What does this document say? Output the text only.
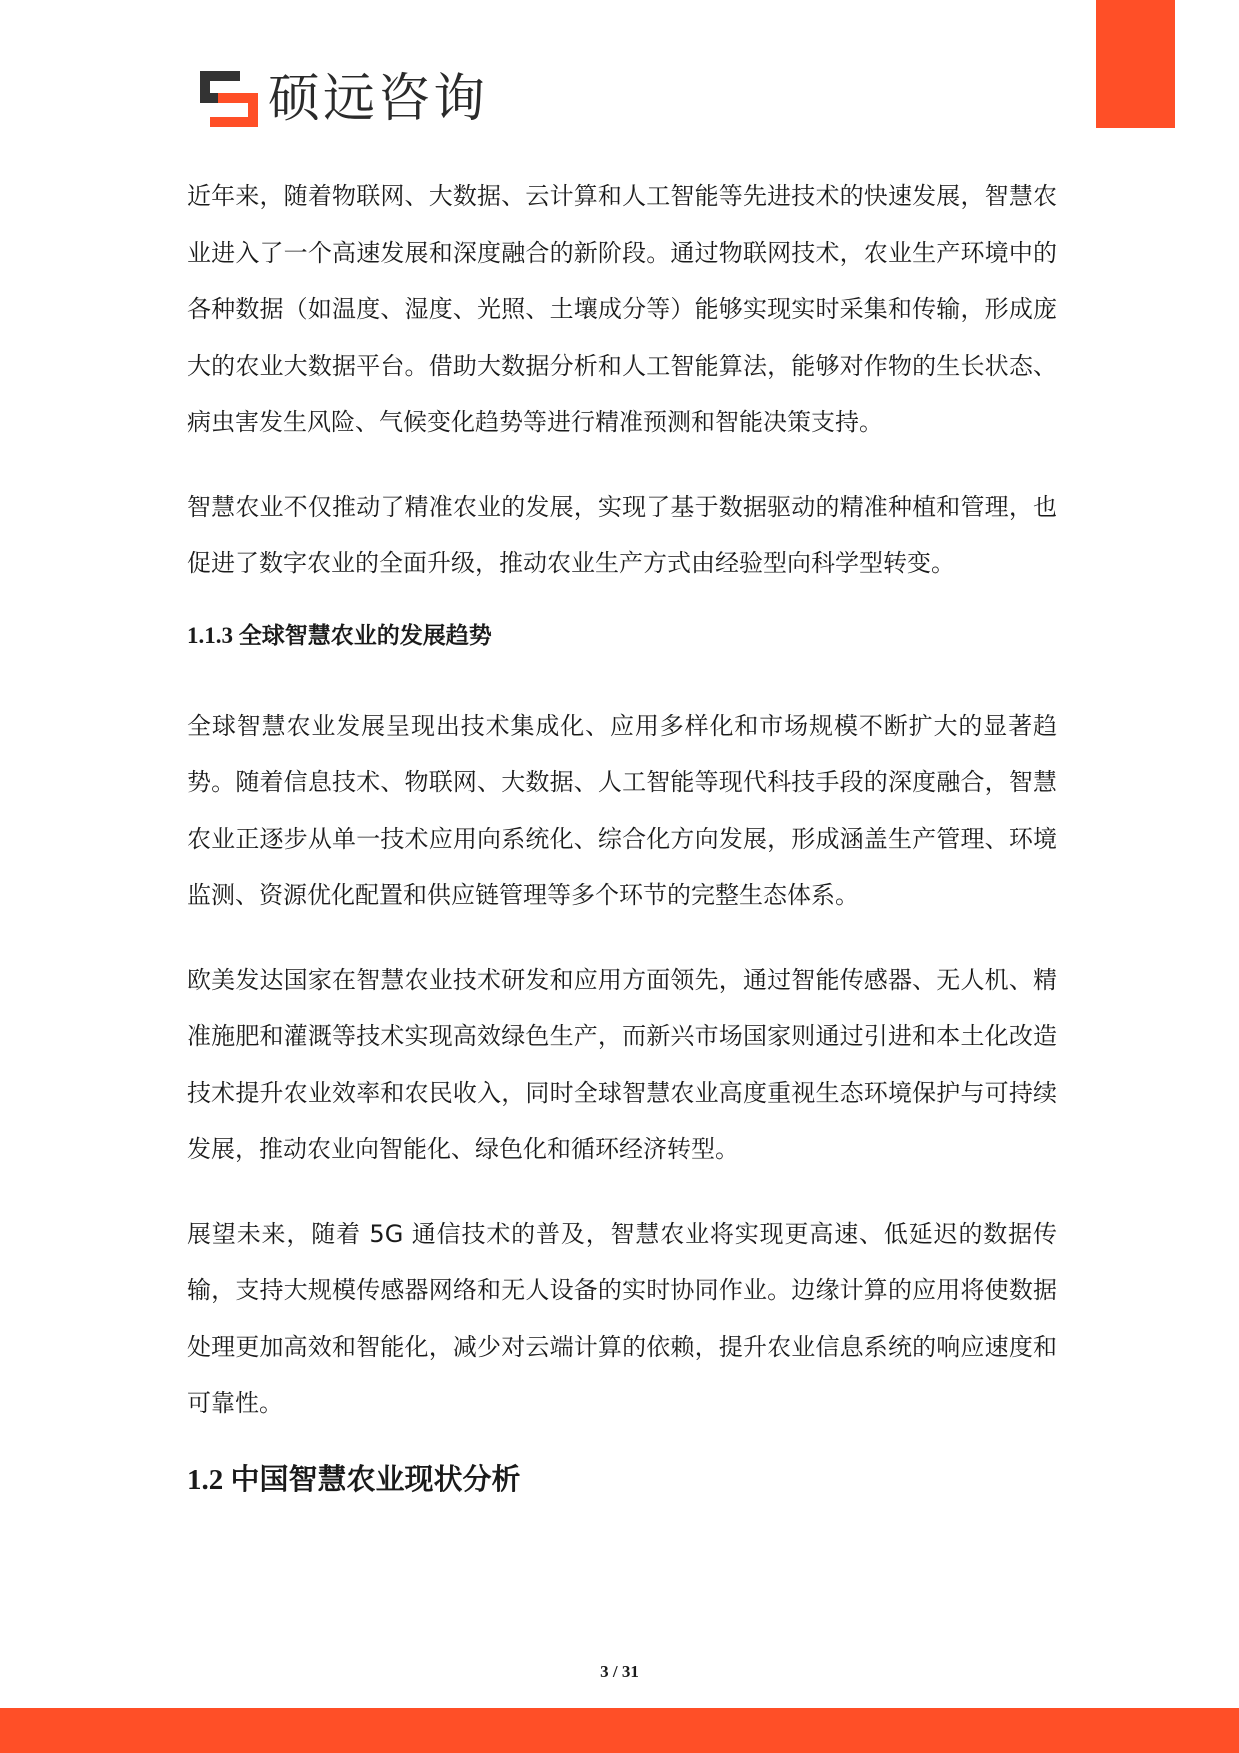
硕远咨询

近年来，随着物联网、大数据、云计算和人工智能等先进技术的快速发展，智慧农业进入了一个高速发展和深度融合的新阶段。通过物联网技术，农业生产环境中的各种数据（如温度、湿度、光照、土壤成分等）能够实现实时采集和传输，形成庞大的农业大数据平台。借助大数据分析和人工智能算法，能够对作物的生长状态、病虫害发生风险、气候变化趋势等进行精准预测和智能决策支持。

智慧农业不仅推动了精准农业的发展，实现了基于数据驱动的精准种植和管理，也促进了数字农业的全面升级，推动农业生产方式由经验型向科学型转变。

1.1.3 全球智慧农业的发展趋势

全球智慧农业发展呈现出技术集成化、应用多样化和市场规模不断扩大的显著趋势。随着信息技术、物联网、大数据、人工智能等现代科技手段的深度融合，智慧农业正逐步从单一技术应用向系统化、综合化方向发展，形成涵盖生产管理、环境监测、资源优化配置和供应链管理等多个环节的完整生态体系。

欧美发达国家在智慧农业技术研发和应用方面领先，通过智能传感器、无人机、精准施肥和灌溉等技术实现高效绿色生产，而新兴市场国家则通过引进和本土化改造技术提升农业效率和农民收入，同时全球智慧农业高度重视生态环境保护与可持续发展，推动农业向智能化、绿色化和循环经济转型。

展望未来，随着 5G 通信技术的普及，智慧农业将实现更高速、低延迟的数据传输，支持大规模传感器网络和无人设备的实时协同作业。边缘计算的应用将使数据处理更加高效和智能化，减少对云端计算的依赖，提升农业信息系统的响应速度和可靠性。

1.2 中国智慧农业现状分析
3 / 31
